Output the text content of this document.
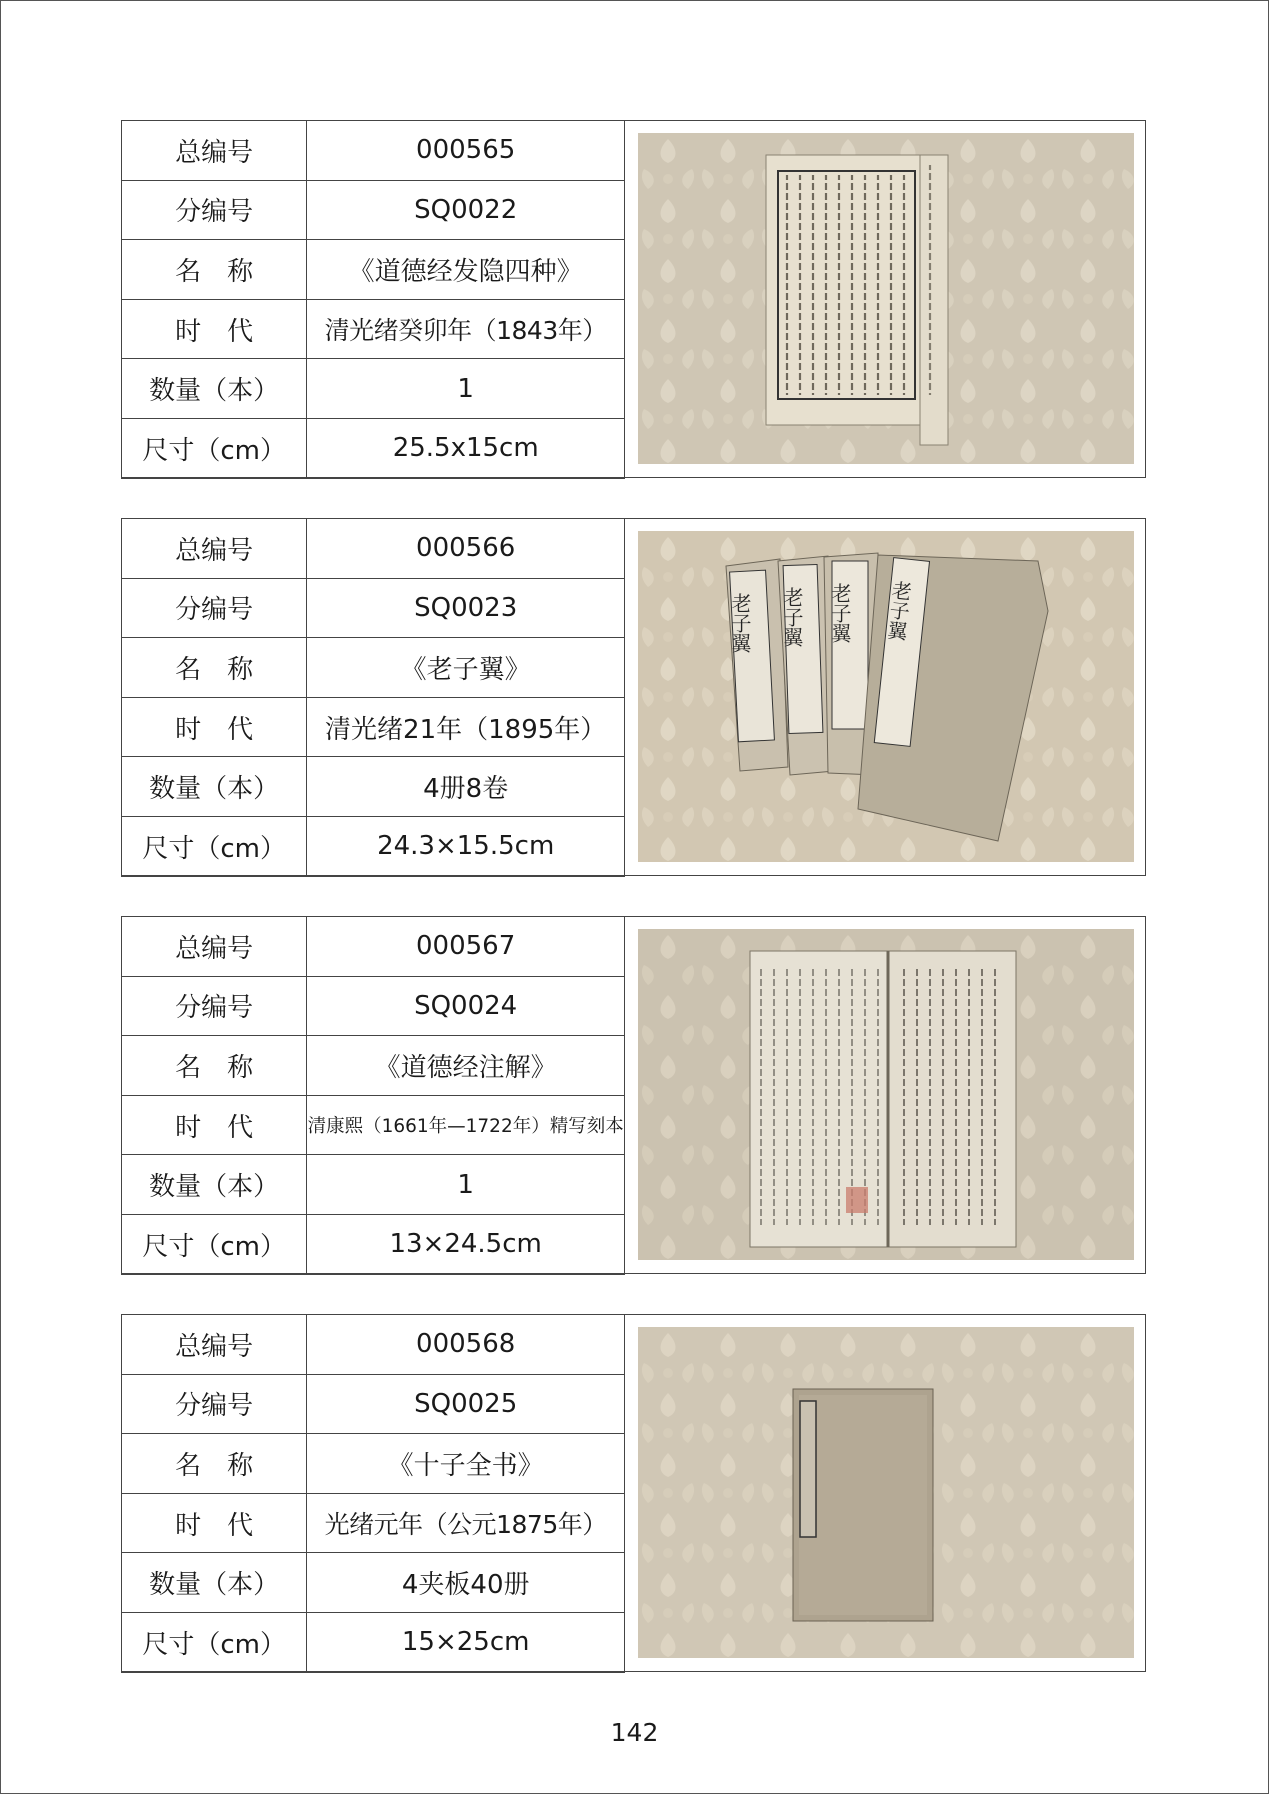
总编号	000565
分编号	SQ0022
名　称	《道德经发隐四种》
时　代	清光绪癸卯年（1843年）
数量（本）	1
尺寸（cm）	25.5x15cm
总编号	000566
分编号	SQ0023
名　称	《老子翼》
时　代	清光绪21年（1895年）
数量（本）	4册8卷
尺寸（cm）	24.3×15.5cm
老子翼 老子翼 老子翼 老子翼
总编号	000567
分编号	SQ0024
名　称	《道德经注解》
时　代	清康熙（1661年—1722年）精写刻本
数量（本）	1
尺寸（cm）	13×24.5cm
总编号	000568
分编号	SQ0025
名　称	《十子全书》
时　代	光绪元年（公元1875年）
数量（本）	4夹板40册
尺寸（cm）	15×25cm
142
